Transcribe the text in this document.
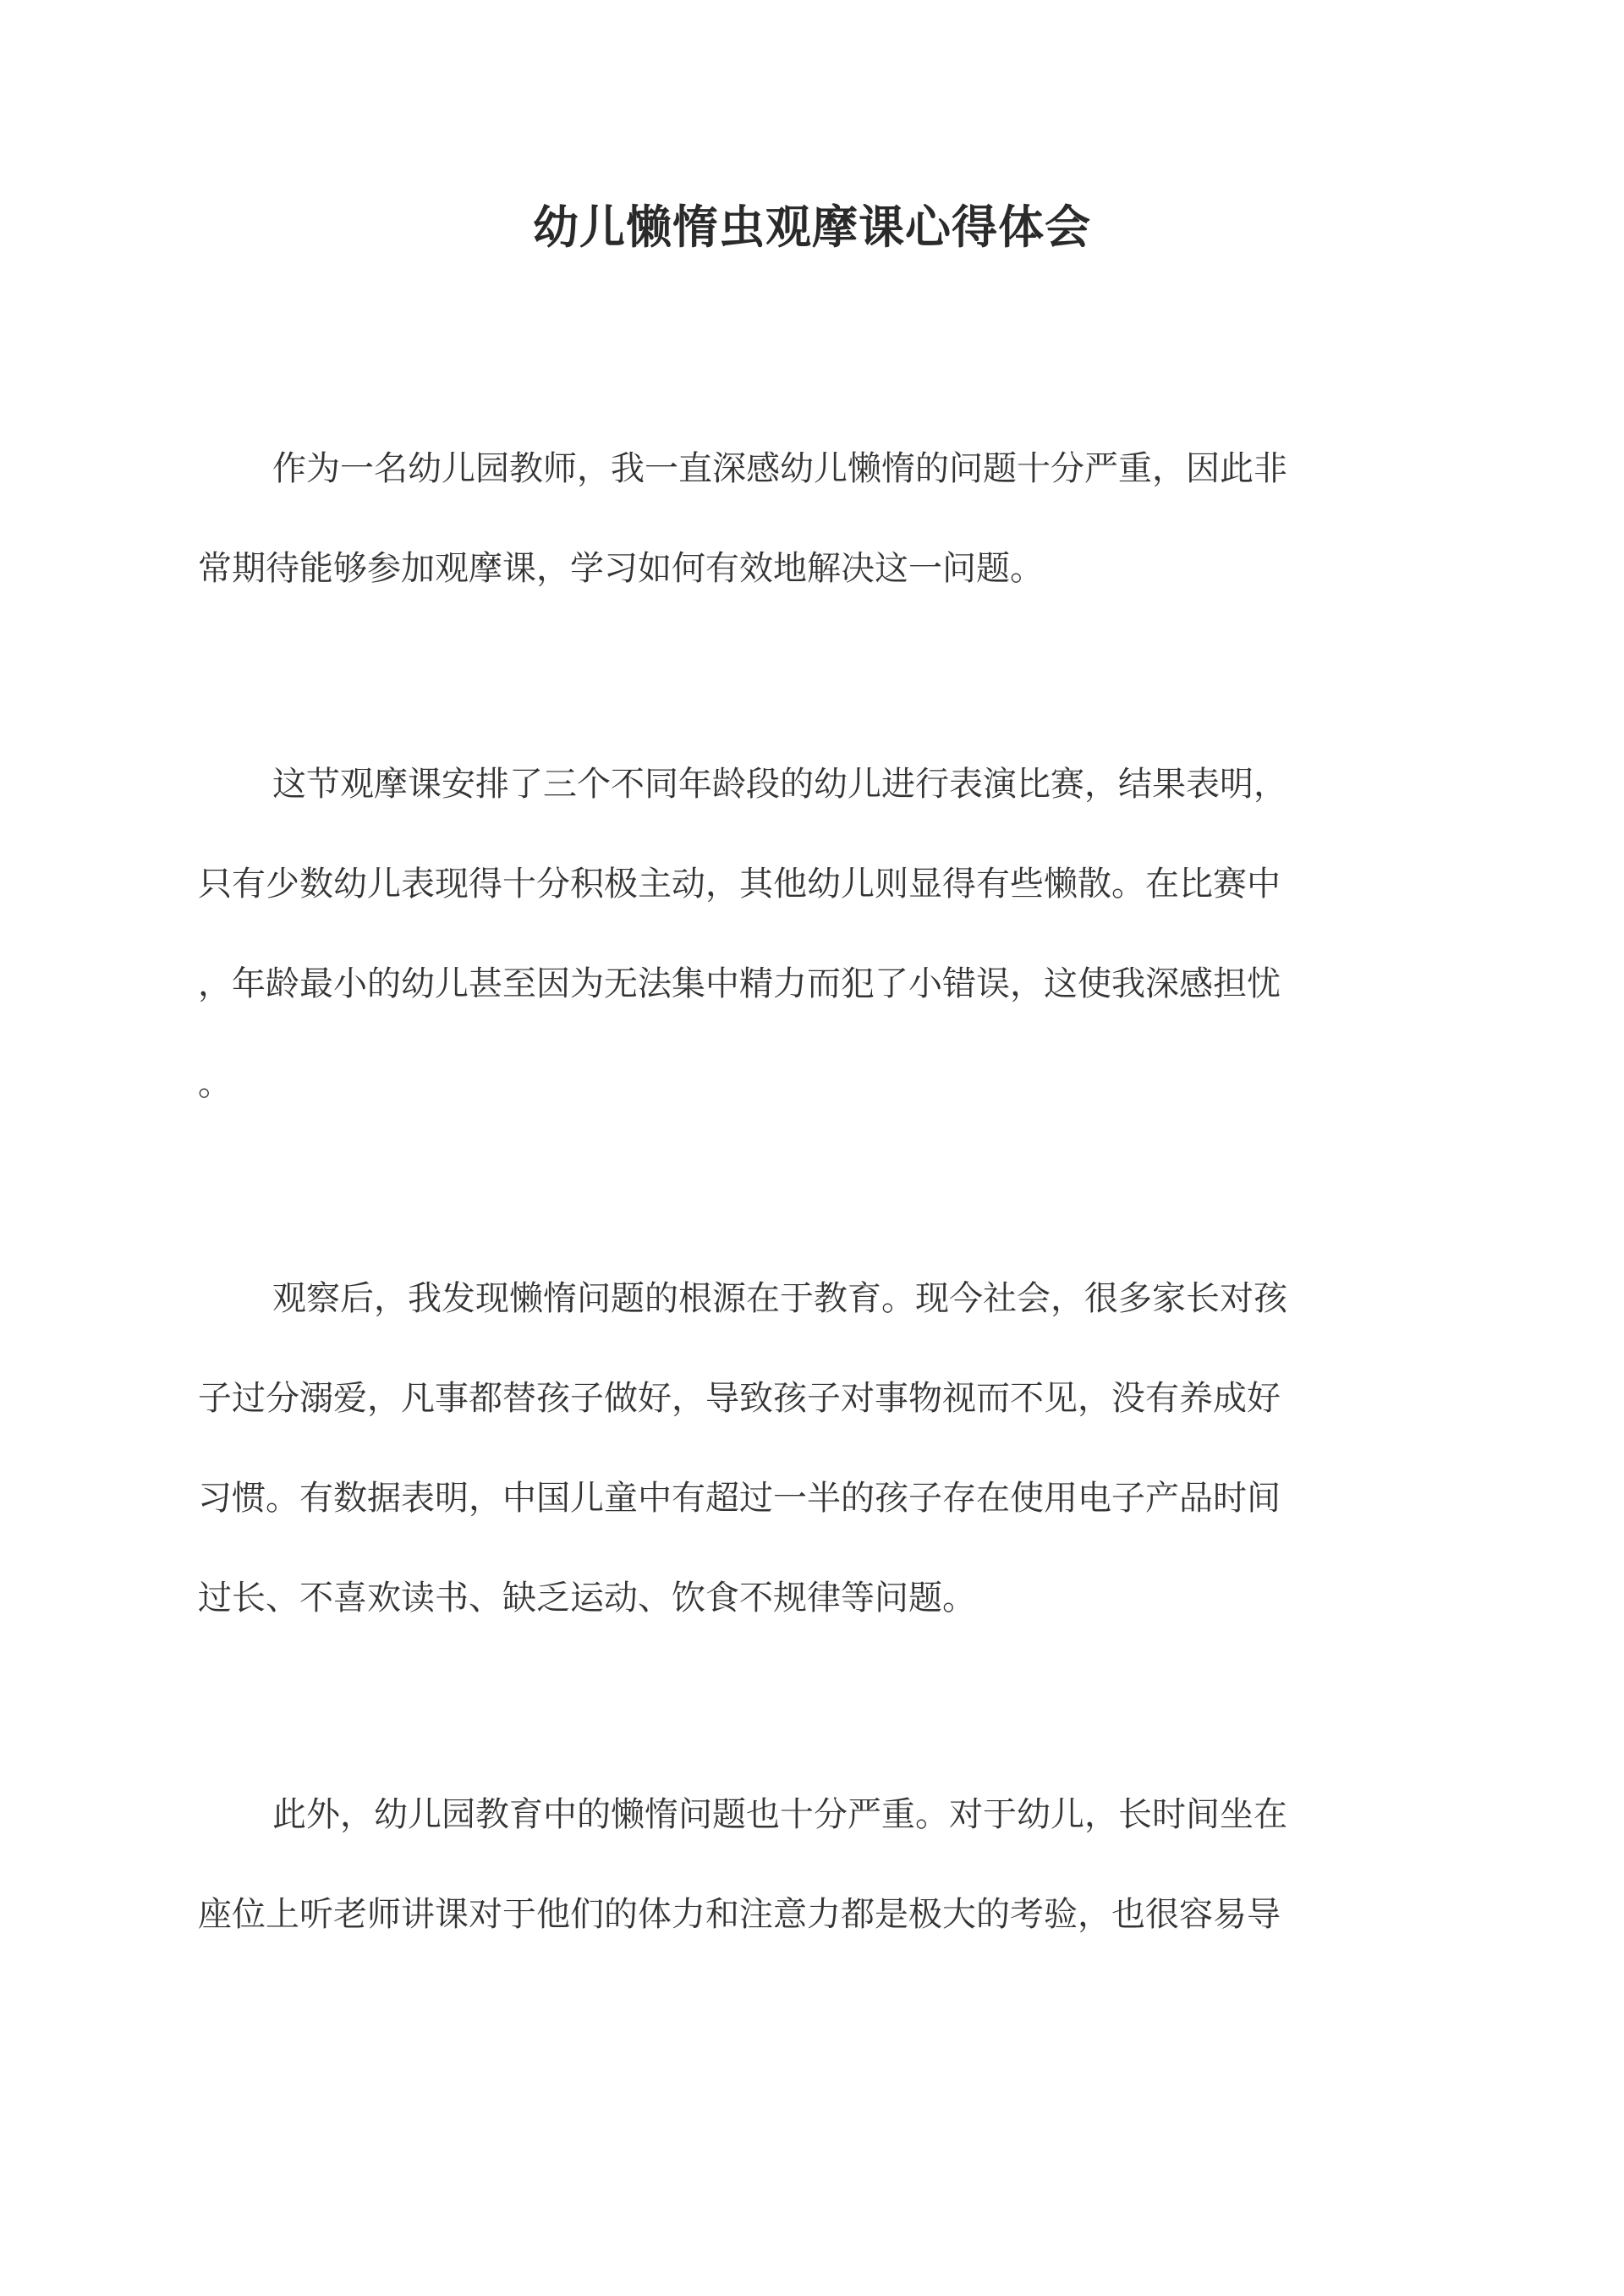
幼儿懒惰虫观摩课心得体会
作为一名幼儿园教师，我一直深感幼儿懒惰的问题十分严重，因此非
常期待能够参加观摩课，学习如何有效地解决这一问题。
这节观摩课安排了三个不同年龄段的幼儿进行表演比赛，结果表明，
只有少数幼儿表现得十分积极主动，其他幼儿则显得有些懒散。在比赛中
，年龄最小的幼儿甚至因为无法集中精力而犯了小错误，这使我深感担忧
。
观察后，我发现懒惰问题的根源在于教育。现今社会，很多家长对孩
子过分溺爱，凡事都替孩子做好，导致孩子对事物视而不见，没有养成好
习惯。有数据表明，中国儿童中有超过一半的孩子存在使用电子产品时间
过长、不喜欢读书、缺乏运动、饮食不规律等问题。
此外，幼儿园教育中的懒惰问题也十分严重。对于幼儿，长时间坐在
座位上听老师讲课对于他们的体力和注意力都是极大的考验，也很容易导
